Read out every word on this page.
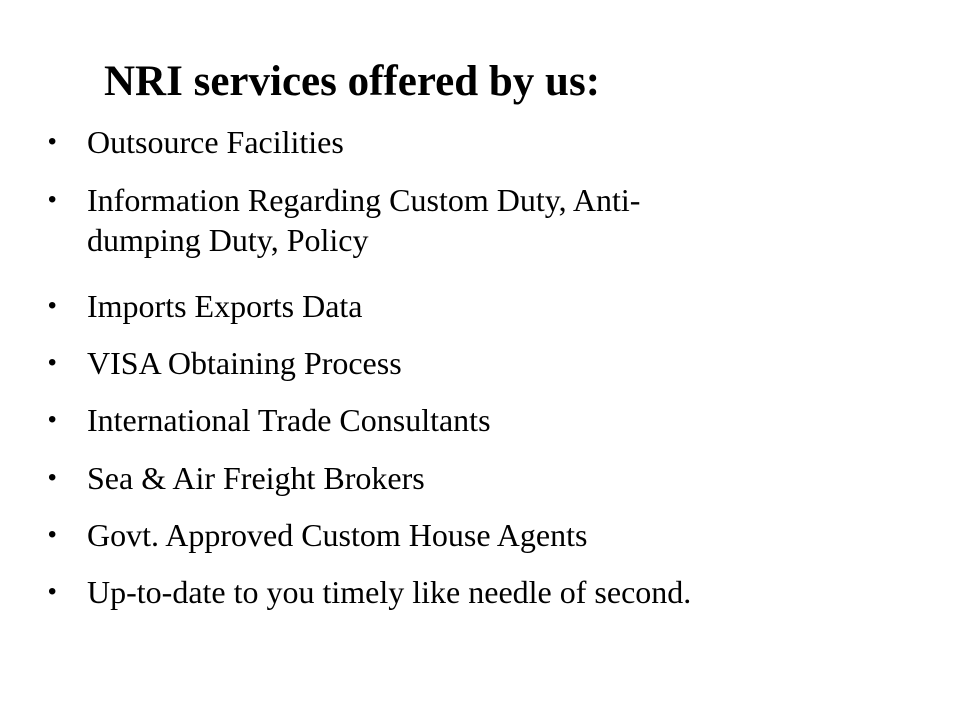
NRI services offered by us:
• Outsource Facilities
• Information Regarding Custom Duty, Anti-
dumping Duty, Policy
• Imports Exports Data
• VISA Obtaining Process
• International Trade Consultants
• Sea & Air Freight Brokers
• Govt. Approved Custom House Agents
• Up-to-date to you timely like needle of second.
